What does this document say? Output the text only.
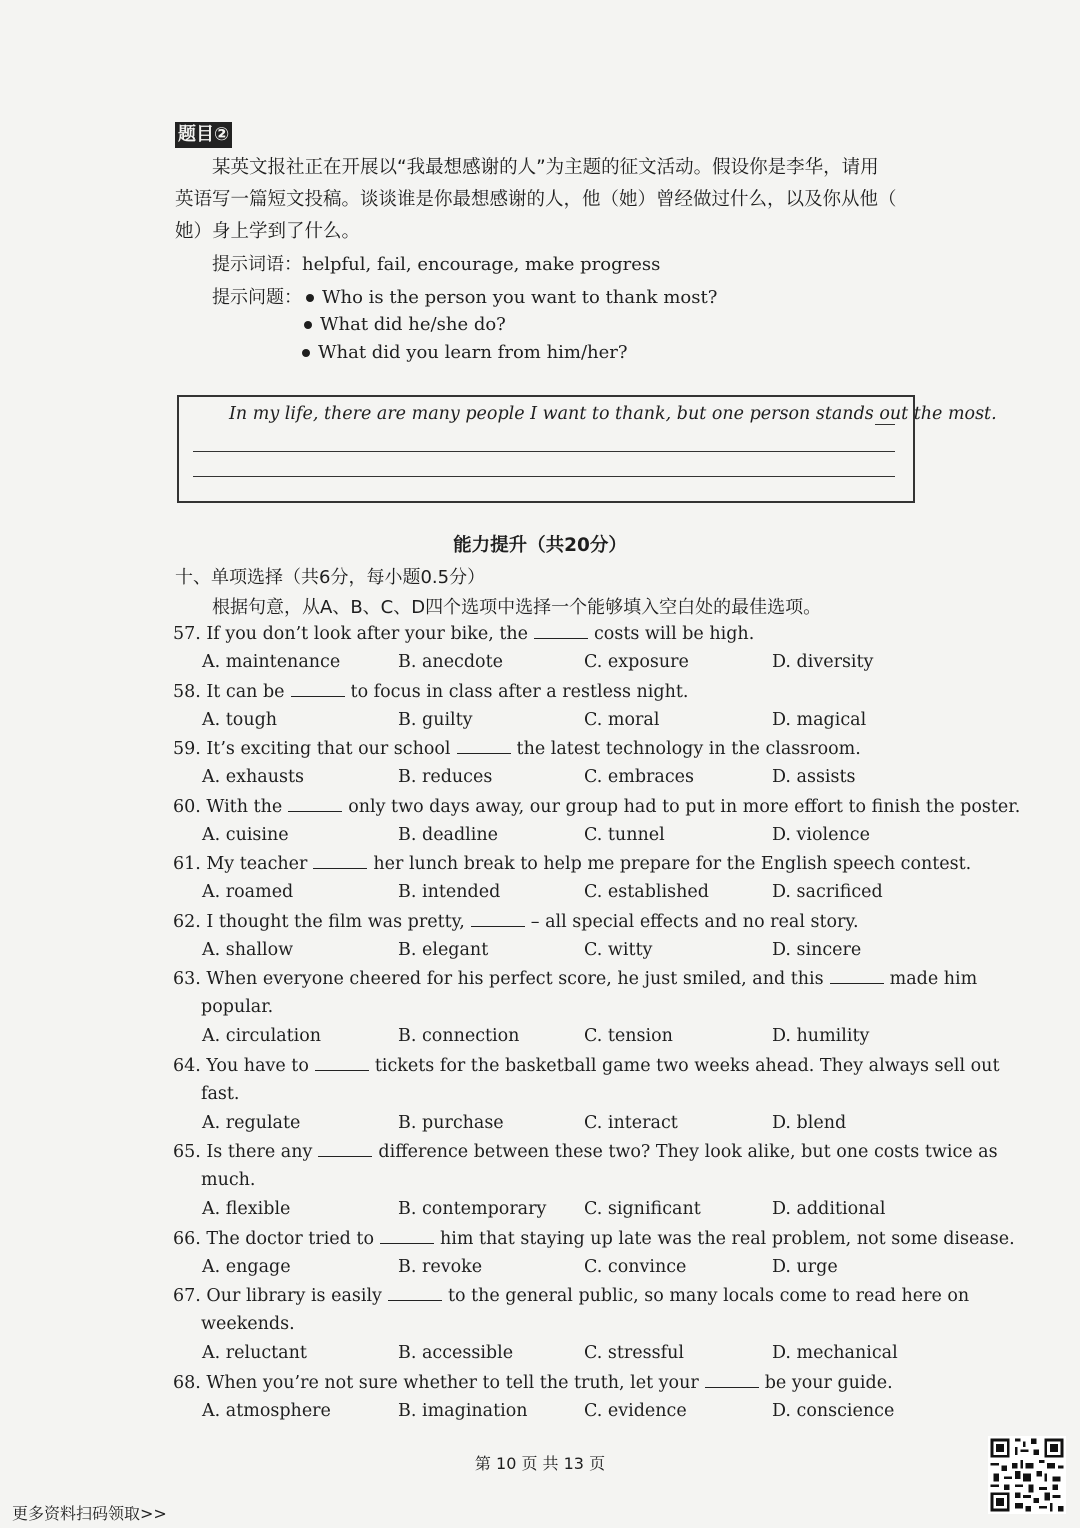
题目②
某英文报社正在开展以“我最想感谢的人”为主题的征文活动。假设你是李华，请用
英语写一篇短文投稿。谈谈谁是你最想感谢的人，他（她）曾经做过什么，以及你从他（
她）身上学到了什么。
提示词语：helpful, fail, encourage, make progress
提示问题：	Who is the person you want to thank most?
What did he/she do?
What did you learn from him/her?
In my life, there are many people I want to thank, but one person stands out the most.
能力提升（共20分）
十、单项选择（共6分，每小题0.5分）
根据句意，从A、B、C、D四个选项中选择一个能够填入空白处的最佳选项。
57. If you don’t look after your bike, the	costs will be high.
A. maintenance	B. anecdote	C. exposure	D. diversity
58. It can be	to focus in class after a restless night.
A. tough	B. guilty	C. moral	D. magical
59. It’s exciting that our school	the latest technology in the classroom.
A. exhausts	B. reduces	C. embraces	D. assists
60. With the	only two days away, our group had to put in more effort to finish the poster.
A. cuisine	B. deadline	C. tunnel	D. violence
61. My teacher	her lunch break to help me prepare for the English speech contest.
A. roamed	B. intended	C. established	D. sacrificed
62. I thought the film was pretty,	– all special effects and no real story.
A. shallow	B. elegant	C. witty	D. sincere
63. When everyone cheered for his perfect score, he just smiled, and this	made him
popular.
A. circulation	B. connection	C. tension	D. humility
64. You have to	tickets for the basketball game two weeks ahead. They always sell out
fast.
A. regulate	B. purchase	C. interact	D. blend
65. Is there any	difference between these two? They look alike, but one costs twice as
much.
A. flexible	B. contemporary C. significant	D. additional
66. The doctor tried to	him that staying up late was the real problem, not some disease.
A. engage	B. revoke	C. convince	D. urge
67. Our library is easily	to the general public, so many locals come to read here on
weekends.
A. reluctant	B. accessible	C. stressful	D. mechanical
68. When you’re not sure whether to tell the truth, let your	be your guide.
A. atmosphere	B. imagination	C. evidence	D. conscience
第 10 页 共 13 页
更多资料扫码领取>>
